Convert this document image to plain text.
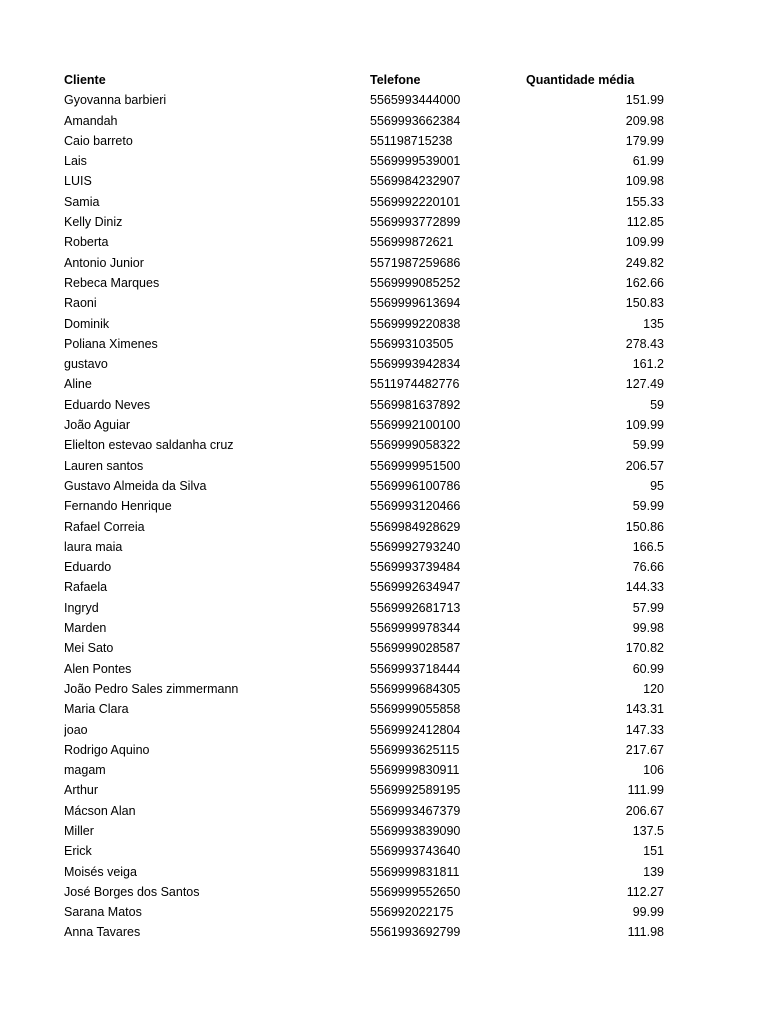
Cliente	Telefone	Quantidade média
Gyovanna barbieri	5565993444000	151.99
Amandah	5569993662384	209.98
Caio barreto	551198715238	179.99
Lais	5569999539001	61.99
LUIS	5569984232907	109.98
Samia	5569992220101	155.33
Kelly Diniz	5569993772899	112.85
Roberta	556999872621	109.99
Antonio Junior	5571987259686	249.82
Rebeca Marques	5569999085252	162.66
Raoni	5569999613694	150.83
Dominik	5569999220838	135
Poliana Ximenes	556993103505	278.43
gustavo	5569993942834	161.2
Aline	5511974482776	127.49
Eduardo Neves	5569981637892	59
João Aguiar	5569992100100	109.99
Elielton estevao saldanha cruz	5569999058322	59.99
Lauren santos	5569999951500	206.57
Gustavo Almeida da Silva	5569996100786	95
Fernando Henrique	5569993120466	59.99
Rafael Correia	5569984928629	150.86
laura maia	5569992793240	166.5
Eduardo	5569993739484	76.66
Rafaela	5569992634947	144.33
Ingryd	5569992681713	57.99
Marden	5569999978344	99.98
Mei Sato	5569999028587	170.82
Alen Pontes	5569993718444	60.99
João Pedro Sales zimmermann	5569999684305	120
Maria Clara	5569999055858	143.31
joao	5569992412804	147.33
Rodrigo Aquino	5569993625115	217.67
magam	5569999830911	106
Arthur	5569992589195	111.99
Mácson Alan	5569993467379	206.67
Miller	5569993839090	137.5
Erick	5569993743640	151
Moisés veiga	5569999831811	139
José Borges dos Santos	5569999552650	112.27
Sarana Matos	556992022175	99.99
Anna Tavares	5561993692799	111.98
